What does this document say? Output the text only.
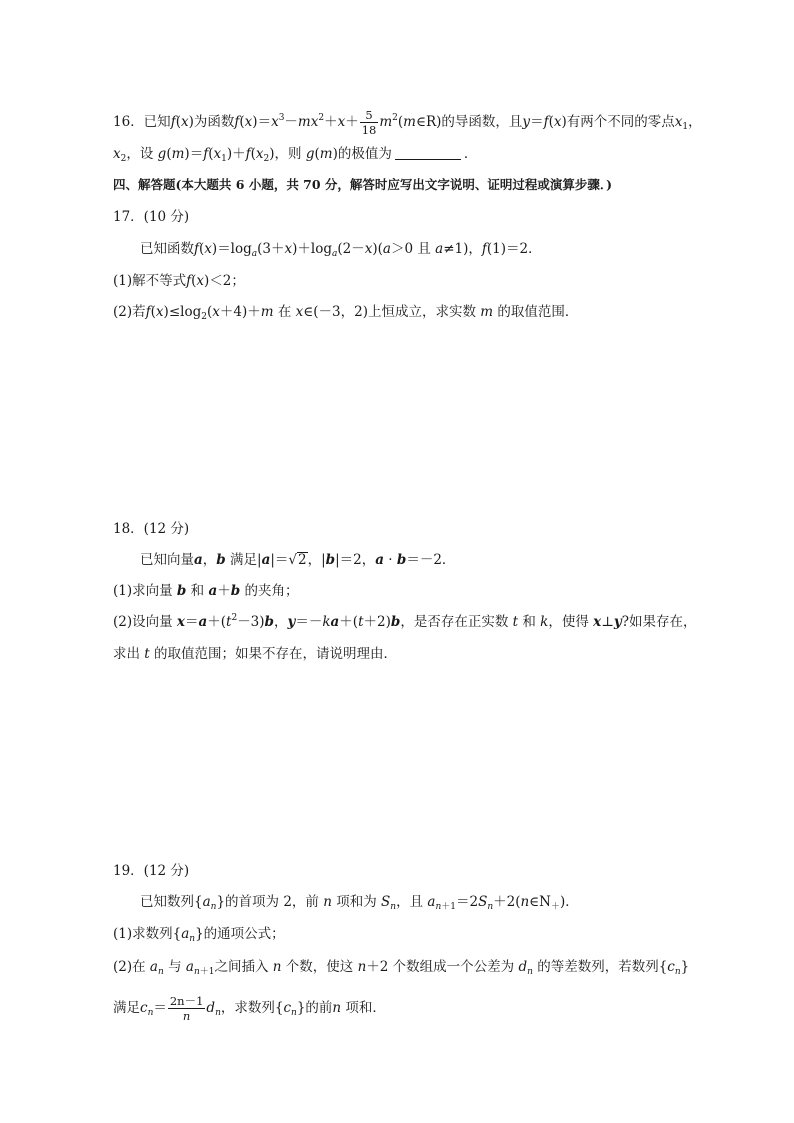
16．已知f(x)为函数$f(x)=x^3-mx^2+x+ \frac{5}{18}$ $m^2(m\in R)$的导函数，且y＝f(x)有两个不同的零点$x_1$，
$x_2$，设 $g(m)=f(x_1)+f(x_2)$，则 g(m)的极值为	．
四、解答题(本大题共 6 小题，共 70 分，解答时应写出文字说明、证明过程或演算步骤．)
17．(10 分)
已知函数$f(x)=\log_a(3+x)+\log_a(2-x)(a>0$ 且 a≠1)，f(1)＝2．
(1)解不等式f(x)＜2；
(2)若$f(x)\le\log_2(x+4)+m$ 在 x∈(－3，2)上恒成立，求实数 m 的取值范围．
18．(12 分)
已知向量a，b 满足|a|＝√2，|b|＝2，a · b＝－2．
(1)求向量 b 和 a＋b 的夹角；
(2)设向量 $x=a+(t^2-3)b$，y＝－ka＋(t＋2)b，是否存在正实数 t 和 k，使得 x⊥y?如果存在，
求出 t 的取值范围；如果不存在，请说明理由．
19．(12 分)
已知数列$\{a_n\}$的首项为 2，前 n 项和为 $S_n$，且 $a_{n+1}=2S_n+2(n\in N_+)$．
(1)求数列$\{a_n\}$的通项公式；
(2)在 $a_n$ 与 $a_{n+1}$之间插入 n 个数，使这 n＋2 个数组成一个公差为 $d_n$ 的等差数列，若数列$\{c_n\}$
满足$c_n= \frac{2n-1}{n} d_n$，求数列$\{c_n\}$的前n 项和．
